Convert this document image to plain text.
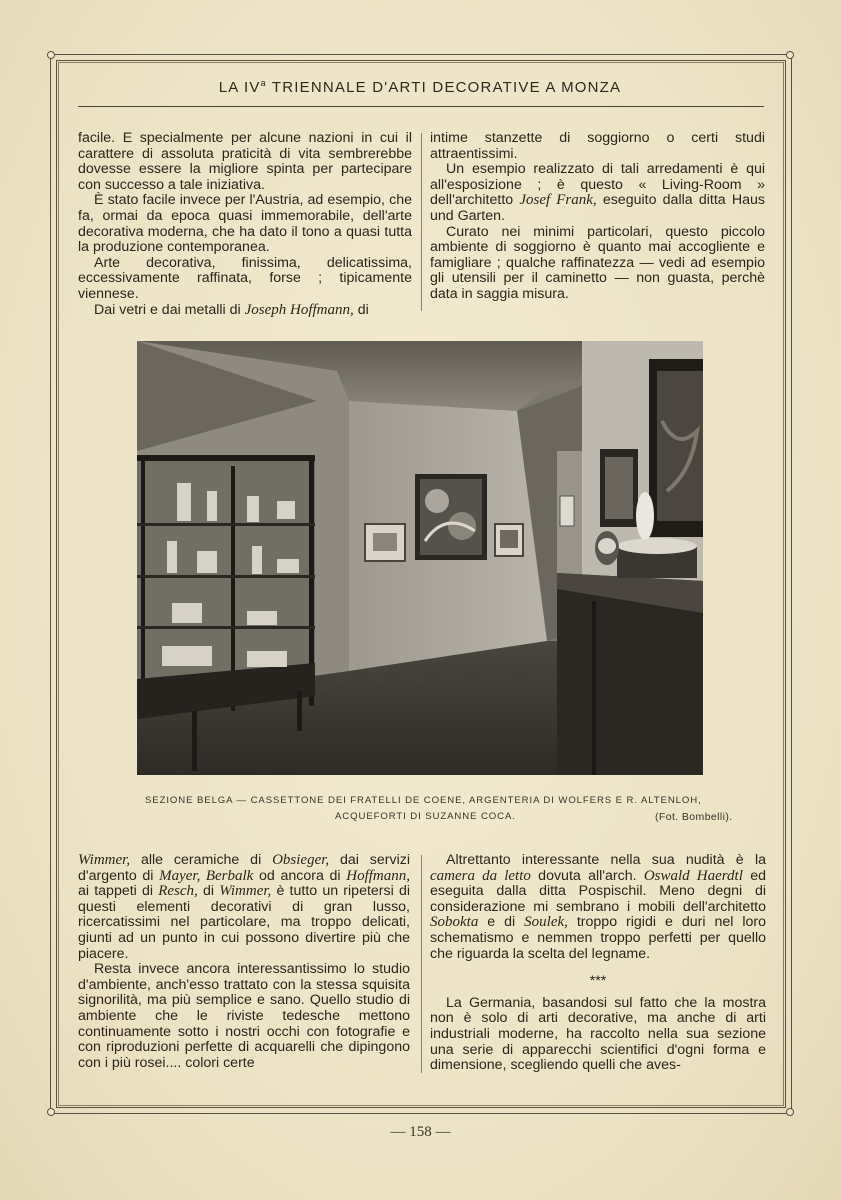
LA $IV^a$ TRIENNALE D'ARTI DECORATIVE A MONZA

facile. E specialmente per alcune nazioni in cui il carattere di assoluta praticità di vita sembrerebbe dovesse essere la migliore spinta per partecipare con successo a tale iniziativa.

È stato facile invece per l'Austria, ad esempio, che fa, ormai da epoca quasi immemorabile, dell'arte decorativa moderna, che ha dato il tono a quasi tutta la produzione contemporanea.

Arte decorativa, finissima, delicatissima, eccessivamente raffinata, forse ; tipicamente viennese.

Dai vetri e dai metalli di Joseph Hoffmann, di

intime stanzette di soggiorno o certi studi attraentissimi.

Un esempio realizzato di tali arredamenti è qui all'esposizione ; è questo « Living-Room » dell'architetto Josef Frank, eseguito dalla ditta Haus und Garten.

Curato nei minimi particolari, questo piccolo ambiente di soggiorno è quanto mai accogliente e famigliare ; qualche raffinatezza — vedi ad esempio gli utensili per il caminetto — non guasta, perchè data in saggia misura.

SEZIONE BELGA — CASSETTONE DEI FRATELLI DE COENE, ARGENTERIA DI WOLFERS E R. ALTENLOH,
ACQUEFORTI DI SUZANNE COCA.	(Fot. Bombelli).

Wimmer, alle ceramiche di Obsieger, dai servizi d'argento di Mayer, Berbalk od ancora di Hoffmann, ai tappeti di Resch, di Wimmer, è tutto un ripetersi di questi elementi decorativi di gran lusso, ricercatissimi nel particolare, ma troppo delicati, giunti ad un punto in cui possono divertire più che piacere.

Resta invece ancora interessantissimo lo studio d'ambiente, anch'esso trattato con la stessa squisita signorilità, ma più semplice e sano. Quello studio di ambiente che le riviste tedesche mettono continuamente sotto i nostri occhi con fotografie e con riproduzioni perfette di acquarelli che dipingono con i più rosei.... colori certe

Altrettanto interessante nella sua nudità è la camera da letto dovuta all'arch. Oswald Haerdtl ed eseguita dalla ditta Pospischil. Meno degni di considerazione mi sembrano i mobili dell'architetto Sobokta e di Soulek, troppo rigidi e duri nel loro schematismo e nemmen troppo perfetti per quello che riguarda la scelta del legname.

***

La Germania, basandosi sul fatto che la mostra non è solo di arti decorative, ma anche di arti industriali moderne, ha raccolto nella sua sezione una serie di apparecchi scientifici d'ogni forma e dimensione, scegliendo quelli che aves-

— 158 —
